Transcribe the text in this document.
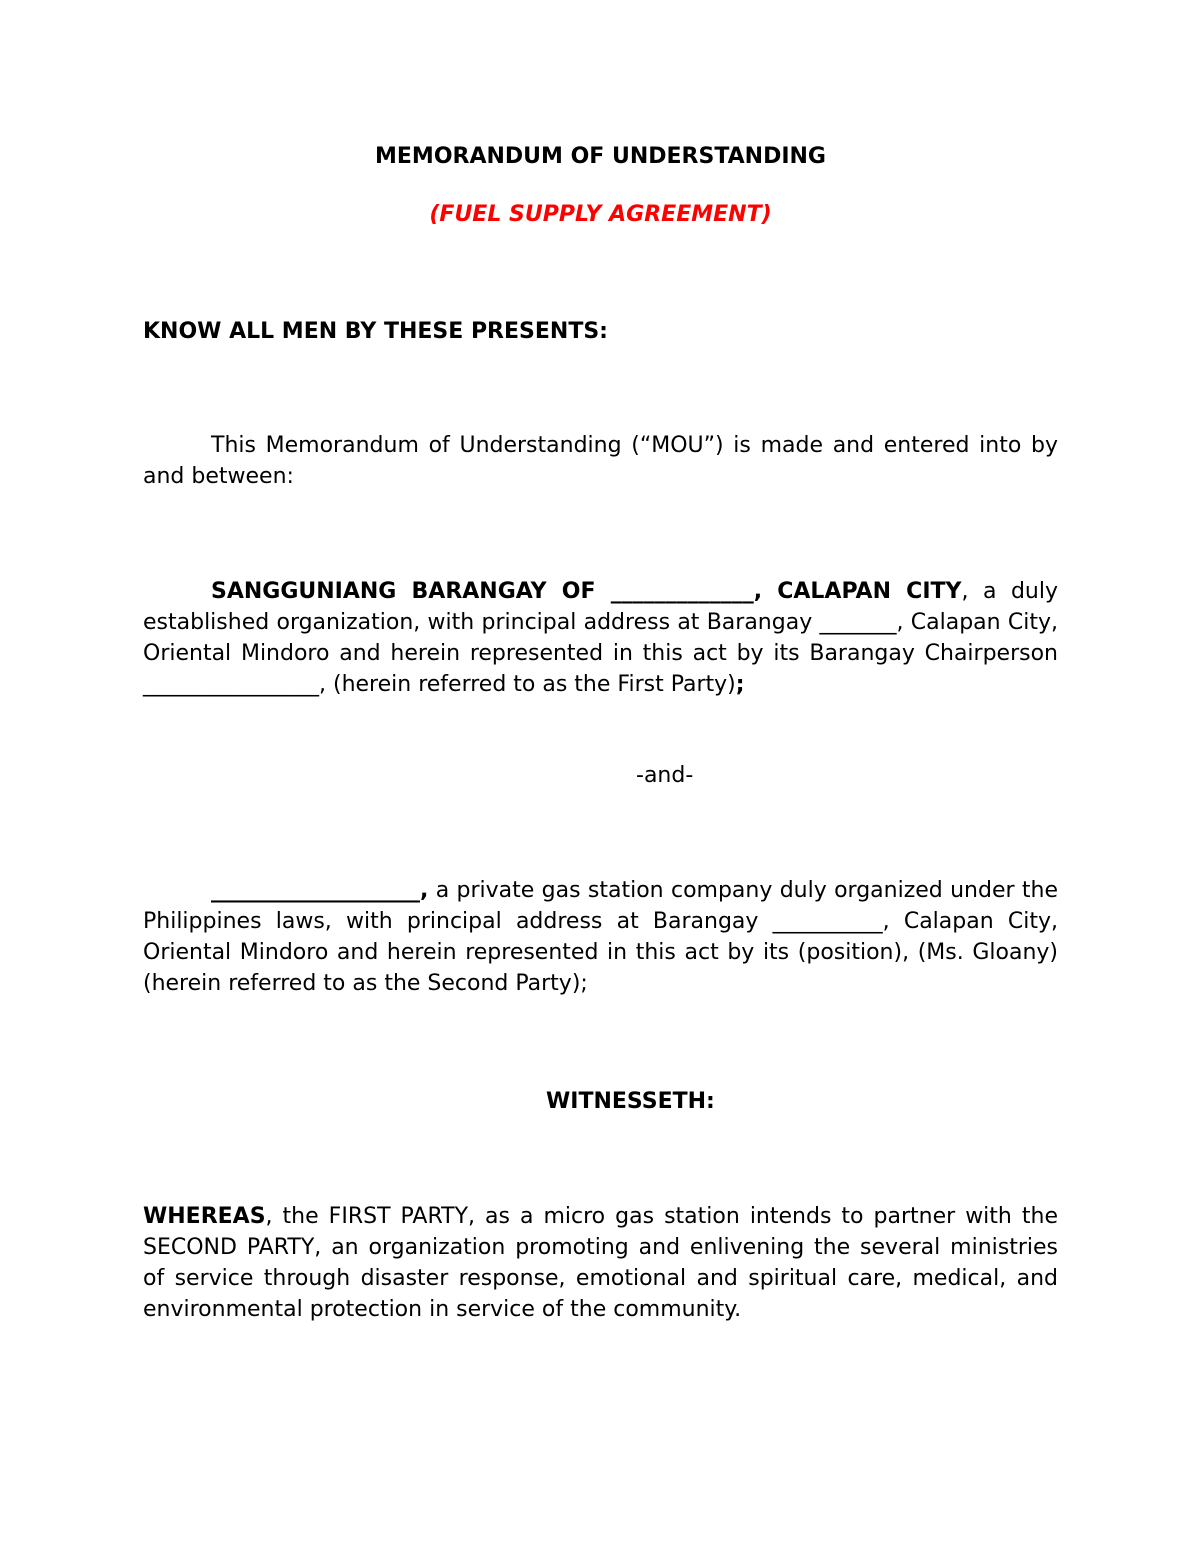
MEMORANDUM OF UNDERSTANDING
(FUEL SUPPLY AGREEMENT)
KNOW ALL MEN BY THESE PRESENTS:
This Memorandum of Understanding (“MOU”) is made and entered into by and between:
SANGGUNIANG BARANGAY OF _____________, CALAPAN CITY, a duly established organization, with principal address at Barangay _______, Calapan City, Oriental Mindoro and herein represented in this act by its Barangay Chairperson ________________, (herein referred to as the First Party);
-and-
___________________, a private gas station company duly organized under the Philippines laws, with principal address at Barangay __________, Calapan City, Oriental Mindoro and herein represented in this act by its (position), (Ms. Gloany) (herein referred to as the Second Party);
WITNESSETH:
WHEREAS, the FIRST PARTY, as a micro gas station intends to partner with the SECOND PARTY, an organization promoting and enlivening the several ministries of service through disaster response, emotional and spiritual care, medical, and environmental protection in service of the community.
